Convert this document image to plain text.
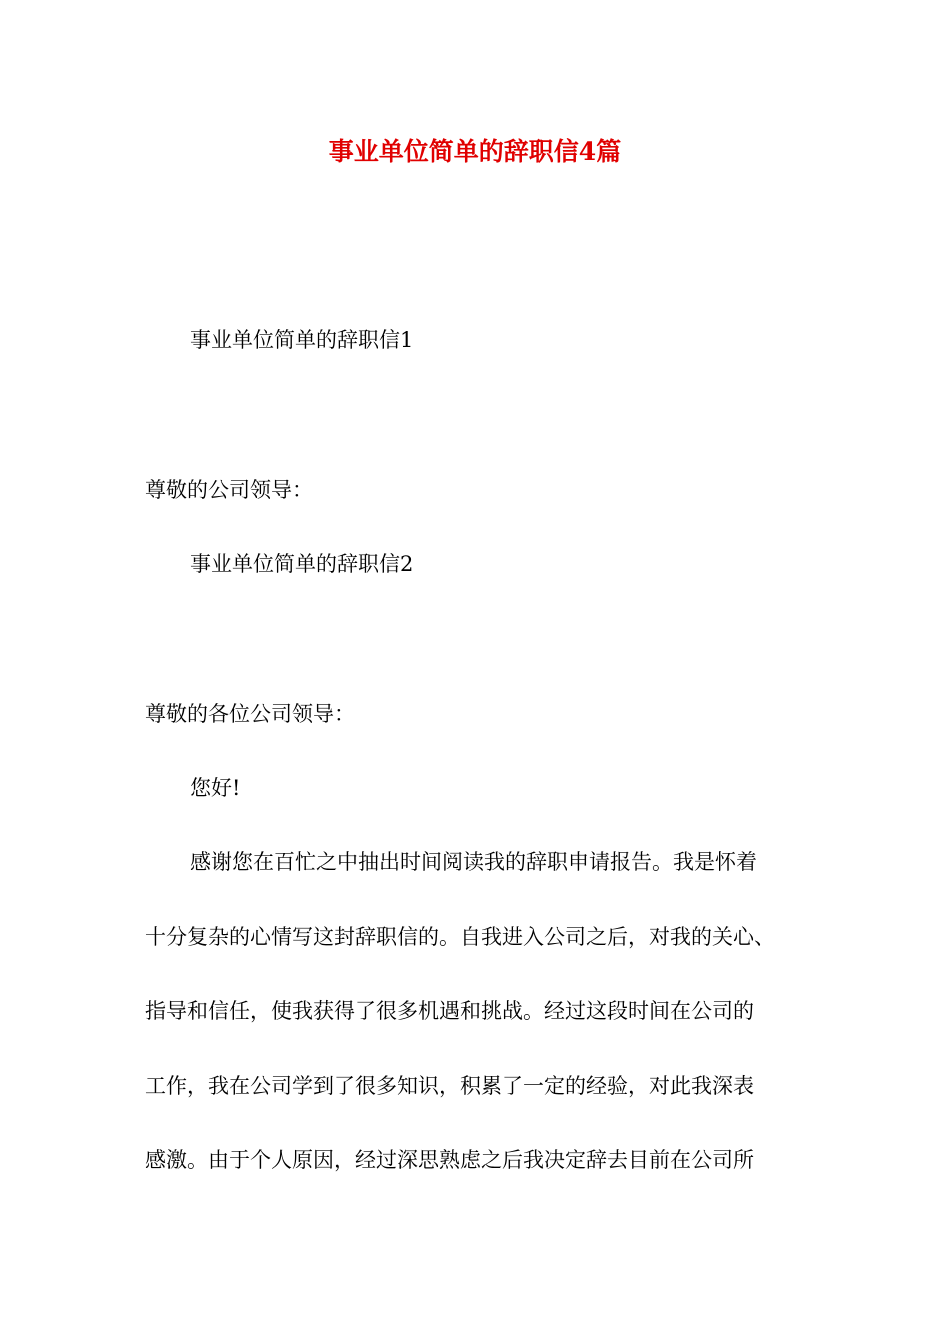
事业单位简单的辞职信4篇
事业单位简单的辞职信1
尊敬的公司领导：
事业单位简单的辞职信2
尊敬的各位公司领导：
您好!
感谢您在百忙之中抽出时间阅读我的辞职申请报告。我是怀着
十分复杂的心情写这封辞职信的。自我进入公司之后，对我的关心、
指导和信任，使我获得了很多机遇和挑战。经过这段时间在公司的
工作，我在公司学到了很多知识，积累了一定的经验，对此我深表
感激。由于个人原因，经过深思熟虑之后我决定辞去目前在公司所
